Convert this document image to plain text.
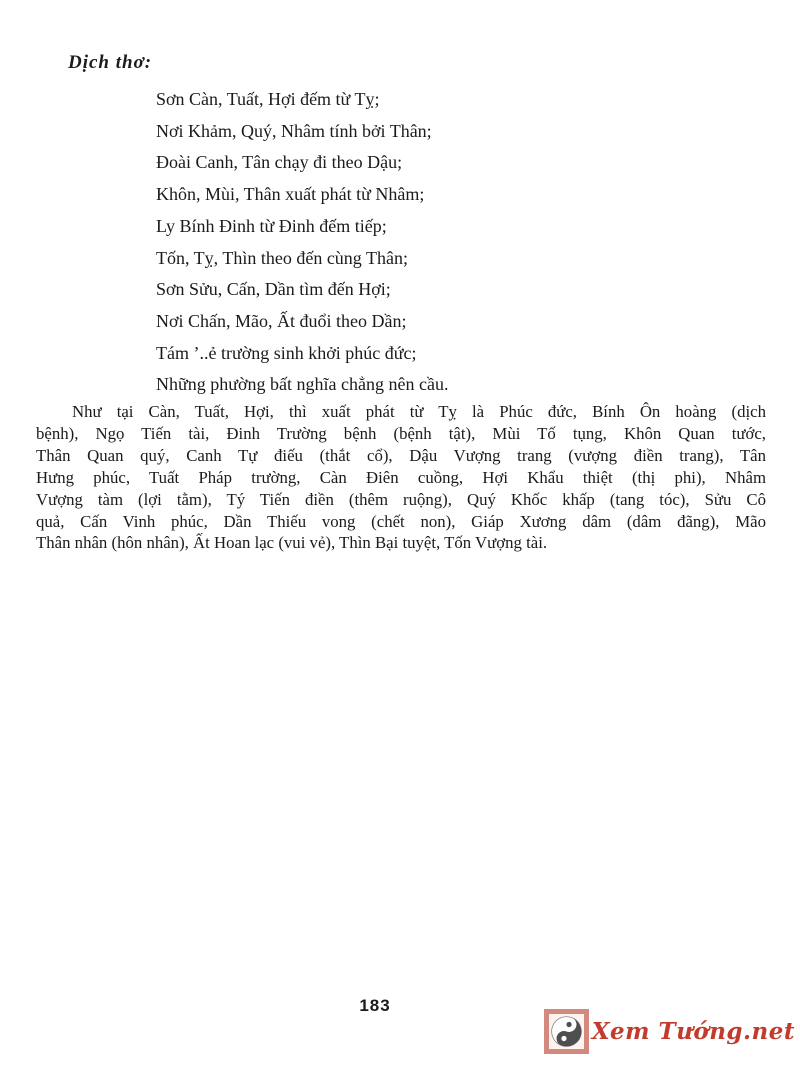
Dịch thơ:
Sơn Càn, Tuất, Hợi đếm từ Tỵ;
Nơi Khảm, Quý, Nhâm tính bởi Thân;
Đoài Canh, Tân chạy đi theo Dậu;
Khôn, Mùi, Thân xuất phát từ Nhâm;
Ly Bính Đinh từ Đinh đếm tiếp;
Tốn, Tỵ, Thìn theo đến cùng Thân;
Sơn Sửu, Cấn, Dần tìm đến Hợi;
Nơi Chấn, Mão, Ất đuổi theo Dần;
Tám ’..ẻ trường sinh khởi phúc đức;
Những phường bất nghĩa chẳng nên cầu.
Như tại Càn, Tuất, Hợi, thì xuất phát từ Tỵ là Phúc đức, Bính Ôn hoàng (dịch
bệnh), Ngọ Tiến tài, Đinh Trường bệnh (bệnh tật), Mùi Tố tụng, Khôn Quan tước,
Thân Quan quý, Canh Tự điếu (thắt cổ), Dậu Vượng trang (vượng điền trang), Tân
Hưng phúc, Tuất Pháp trường, Càn Điên cuồng, Hợi Khẩu thiệt (thị phi), Nhâm
Vượng tàm (lợi tằm), Tý Tiến điền (thêm ruộng), Quý Khốc khấp (tang tóc), Sửu Cô
quả, Cấn Vinh phúc, Dần Thiếu vong (chết non), Giáp Xương dâm (dâm đãng), Mão
Thân nhân (hôn nhân), Ất Hoan lạc (vui vẻ), Thìn Bại tuyệt, Tốn Vượng tài.
183
Xem Tướng.net
